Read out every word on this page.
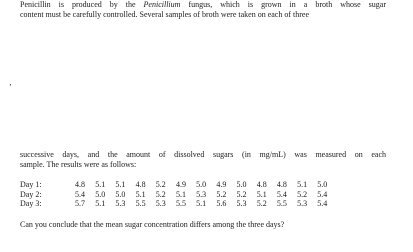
Penicillin is produced by the Penicillium fungus, which is grown in a broth whose sugar
content must be carefully controlled. Several samples of broth were taken on each of three
‚
successive days, and the amount of dissolved sugars (in mg/mL) was measured on each
sample. The results were as follows:
Day 1:	4.8	5.1	5.1	4.8	5.2	4.9	5.0	4.9	5.0	4.8	4.8	5.1	5.0
Day 2:	5.4	5.0	5.0	5.1	5.2	5.1	5.3	5.2	5.2	5.1	5.4	5.2	5.4
Day 3:	5.7	5.1	5.3	5.5	5.3	5.5	5.1	5.6	5.3	5.2	5.5	5.3	5.4
Can you conclude that the mean sugar concentration differs among the three days?
